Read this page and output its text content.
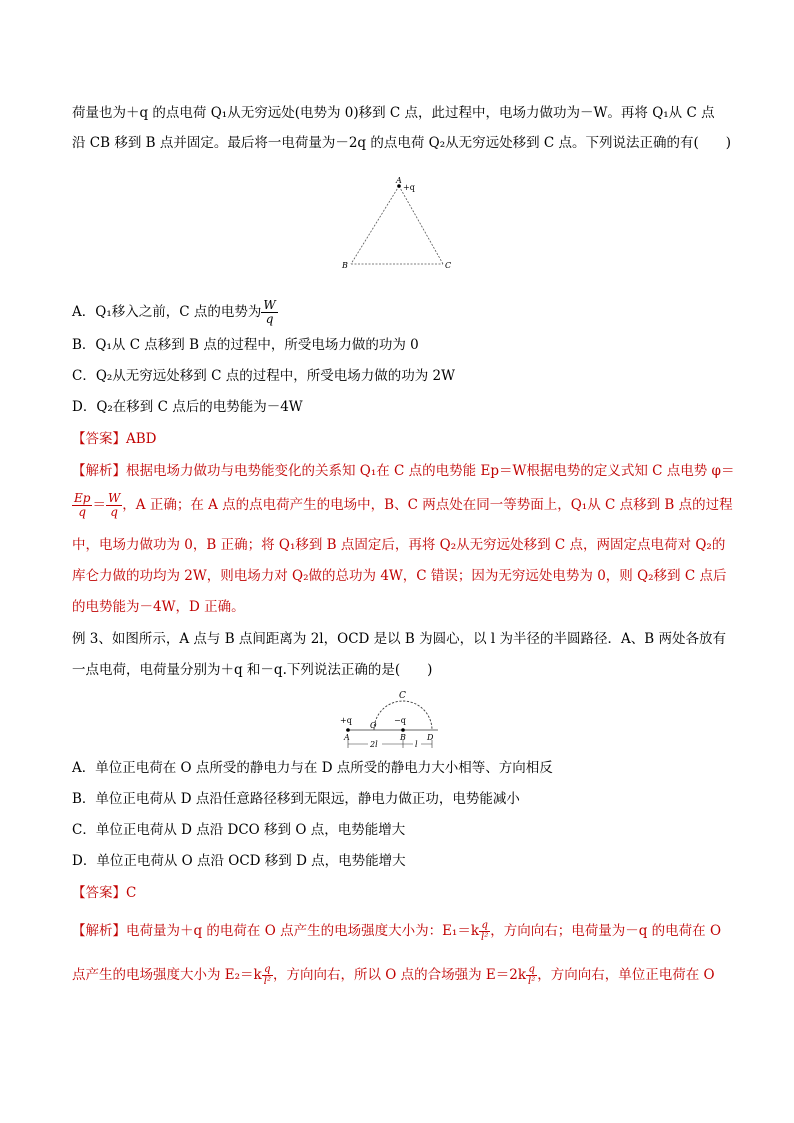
荷量也为＋q 的点电荷 Q₁从无穷远处(电势为 0)移到 C 点，此过程中，电场力做功为－W。再将 Q₁从 C 点
沿 CB 移到 B 点并固定。最后将一电荷量为－2q 的点电荷 Q₂从无穷远处移到 C 点。下列说法正确的有(　　)
A
+q
B	C
A．Q₁移入之前，C 点的电势为 $\frac{W}{q}$
B．Q₁从 C 点移到 B 点的过程中，所受电场力做的功为 0
C．Q₂从无穷远处移到 C 点的过程中，所受电场力做的功为 2W
D．Q₂在移到 C 点后的电势能为－4W
【答案】ABD
【解析】根据电场力做功与电势能变化的关系知 Q₁在 C 点的电势能 Ep＝W根据电势的定义式知 C 点电势 φ＝
$\frac{Ep}{q} = \frac{W}{q}$ ，A 正确；在 A 点的点电荷产生的电场中，B、C 两点处在同一等势面上，Q₁从 C 点移到 B 点的过程
中，电场力做功为 0，B 正确；将 Q₁移到 B 点固定后，再将 Q₂从无穷远处移到 C 点，两固定点电荷对 Q₂的
库仑力做的功均为 2W，则电场力对 Q₂做的总功为 4W，C 错误；因为无穷远处电势为 0，则 Q₂移到 C 点后
的电势能为－4W，D 正确。
例 3、如图所示，A 点与 B 点间距离为 2l，OCD 是以 B 为圆心，以 l 为半径的半圆路径．A、B 两处各放有
一点电荷，电荷量分别为＋q 和－q.下列说法正确的是(　　)
C
+q	−q
A
O
B	D
2l	l
A．单位正电荷在 O 点所受的静电力与在 D 点所受的静电力大小相等、方向相反
B．单位正电荷从 D 点沿任意路径移到无限远，静电力做正功，电势能减小
C．单位正电荷从 D 点沿 DCO 移到 O 点，电势能增大
D．单位正电荷从 O 点沿 OCD 移到 D 点，电势能增大
【答案】C
【解析】电荷量为＋q 的电荷在 O 点产生的电场强度大小为：$E_1=k \frac{q}{\text{l²}}$ ，方向向右；电荷量为－q 的电荷在 O
点产生的电场强度大小为 $E_2=k \frac{q}{\text{l²}}$ ，方向向右，所以 O 点的合场强为 $E=2k \frac{q}{\text{l²}}$ ，方向向右，单位正电荷在 O
